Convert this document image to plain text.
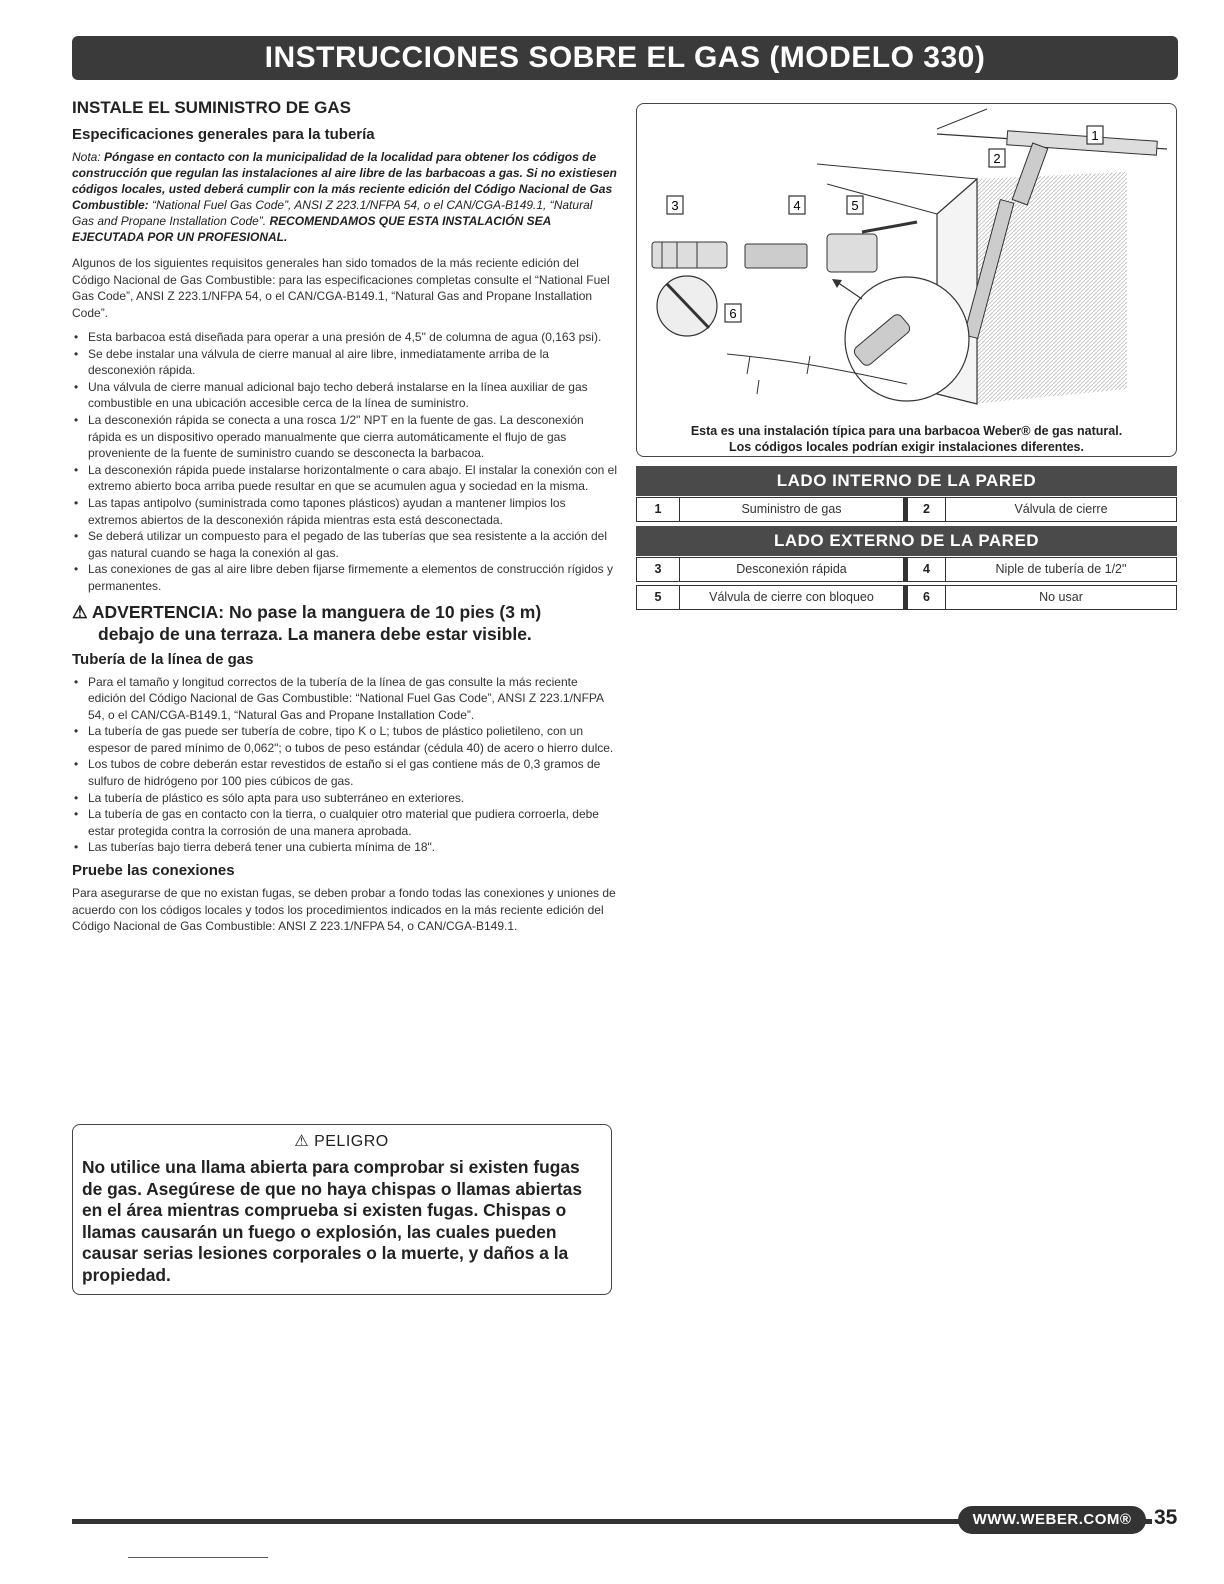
INSTRUCCIONES SOBRE EL GAS (MODELO 330)
INSTALE EL SUMINISTRO DE GAS
Especificaciones generales para la tubería

Nota: Póngase en contacto con la municipalidad de la localidad para obtener los códigos de construcción que regulan las instalaciones al aire libre de las barbacoas a gas. Si no existiesen códigos locales, usted deberá cumplir con la más reciente edición del Código Nacional de Gas Combustible: “National Fuel Gas Code”, ANSI Z 223.1/NFPA 54, o el CAN/CGA-B149.1, “Natural Gas and Propane Installation Code”. RECOMENDAMOS QUE ESTA INSTALACIÓN SEA EJECUTADA POR UN PROFESIONAL.

Algunos de los siguientes requisitos generales han sido tomados de la más reciente edición del Código Nacional de Gas Combustible: para las especificaciones completas consulte el “National Fuel Gas Code”, ANSI Z 223.1/NFPA 54, o el CAN/CGA-B149.1, “Natural Gas and Propane Installation Code”.

• Esta barbacoa está diseñada para operar a una presión de 4,5" de columna de agua (0,163 psi).
• Se debe instalar una válvula de cierre manual al aire libre, inmediatamente arriba de la desconexión rápida.
• Una válvula de cierre manual adicional bajo techo deberá instalarse en la línea auxiliar de gas combustible en una ubicación accesible cerca de la línea de suministro.
• La desconexión rápida se conecta a una rosca 1/2" NPT en la fuente de gas. La desconexión rápida es un dispositivo operado manualmente que cierra automáticamente el flujo de gas proveniente de la fuente de suministro cuando se desconecta la barbacoa.
• La desconexión rápida puede instalarse horizontalmente o cara abajo. El instalar la conexión con el extremo abierto boca arriba puede resultar en que se acumulen agua y sociedad en la misma.
• Las tapas antipolvo (suministrada como tapones plásticos) ayudan a mantener limpios los extremos abiertos de la desconexión rápida mientras esta está desconectada.
• Se deberá utilizar un compuesto para el pegado de las tuberías que sea resistente a la acción del gas natural cuando se haga la conexión al gas.
• Las conexiones de gas al aire libre deben fijarse firmemente a elementos de construcción rígidos y permanentes.
⚠ ADVERTENCIA: No pase la manguera de 10 pies (3 m)
debajo de una terraza. La manera debe estar visible.
Tubería de la línea de gas
• Para el tamaño y longitud correctos de la tubería de la línea de gas consulte la más reciente edición del Código Nacional de Gas Combustible: “National Fuel Gas Code”, ANSI Z 223.1/NFPA 54, o el CAN/CGA-B149.1, “Natural Gas and Propane Installation Code”.
• La tubería de gas puede ser tubería de cobre, tipo K o L; tubos de plástico polietileno, con un espesor de pared mínimo de 0,062"; o tubos de peso estándar (cédula 40) de acero o hierro dulce.
• Los tubos de cobre deberán estar revestidos de estaño si el gas contiene más de 0,3 gramos de sulfuro de hidrógeno por 100 pies cúbicos de gas.
• La tubería de plástico es sólo apta para uso subterráneo en exteriores.
• La tubería de gas en contacto con la tierra, o cualquier otro material que pudiera corroerla, debe estar protegida contra la corrosión de una manera aprobada.
• Las tuberías bajo tierra deberá tener una cubierta mínima de 18".
Pruebe las conexiones

Para asegurarse de que no existan fugas, se deben probar a fondo todas las conexiones y uniones de acuerdo con los códigos locales y todos los procedimientos indicados en la más reciente edición del Código Nacional de Gas Combustible: ANSI Z 223.1/NFPA 54, o CAN/CGA-B149.1.

⚠ PELIGRO
No utilice una llama abierta para comprobar si existen fugas de gas. Asegúrese de que no haya chispas o llamas abiertas en el área mientras comprueba si existen fugas. Chispas o llamas causarán un fuego o explosión, las cuales pueden causar serias lesiones corporales o la muerte, y daños a la propiedad.
1
2
3	4	5
6
Esta es una instalación típica para una barbacoa Weber® de gas natural.
Los códigos locales podrían exigir instalaciones diferentes.
LADO INTERNO DE LA PARED
1	Suministro de gas	2	Válvula de cierre
LADO EXTERNO DE LA PARED
3	Desconexión rápida	4	Niple de tubería de 1/2"
5	Válvula de cierre con bloqueo	6	No usar
WWW.WEBER.COM®	35
